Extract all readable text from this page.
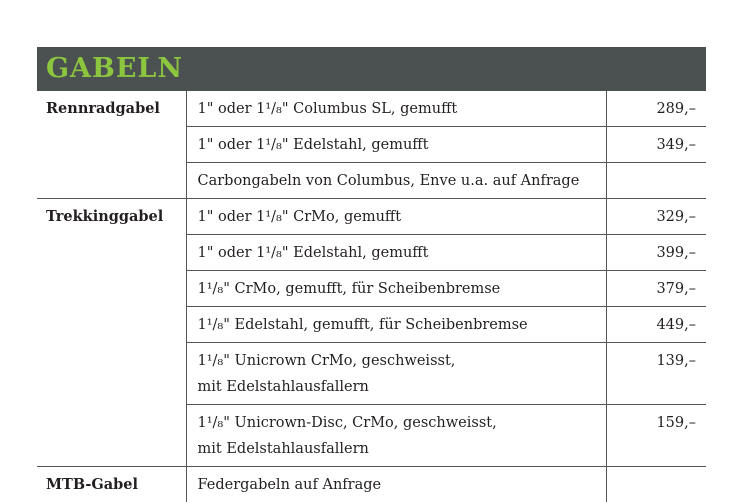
GABELN
Rennradgabel	1" oder 1¹/₈" Columbus SL, gemufft	289,–
	1" oder 1¹/₈" Edelstahl, gemufft	349,–
	Carbongabeln von Columbus, Enve u.a. auf Anfrage	
Trekkinggabel	1" oder 1¹/₈" CrMo, gemufft	329,–
	1" oder 1¹/₈" Edelstahl, gemufft	399,–
	1¹/₈" CrMo, gemufft, für Scheibenbremse	379,–
	1¹/₈" Edelstahl, gemufft, für Scheibenbremse	449,–
	1¹/₈" Unicrown CrMo, geschweisst,
mit Edelstahlausfallern	139,–
	1¹/₈" Unicrown-Disc, CrMo, geschweisst,
mit Edelstahlausfallern	159,–
MTB-Gabel	Federgabeln auf Anfrage	
